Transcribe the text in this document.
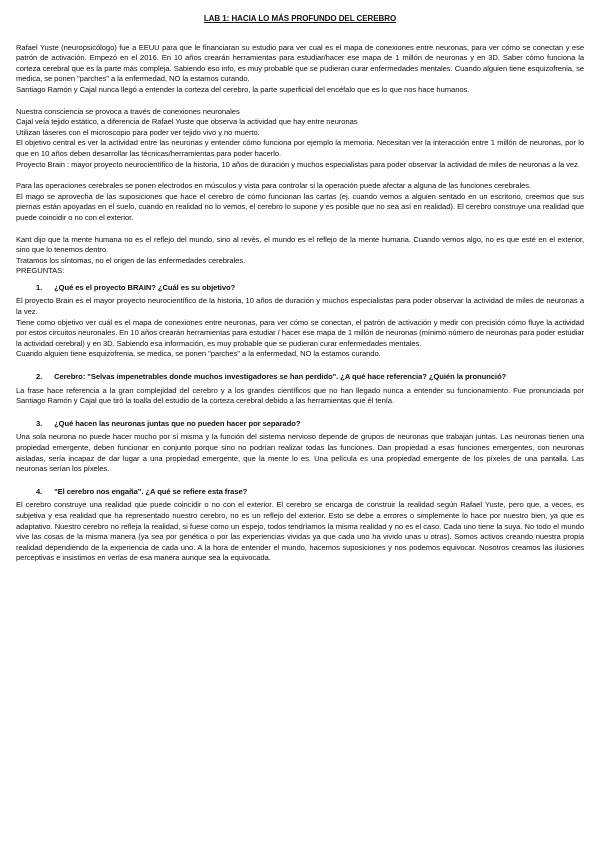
LAB 1: HACIA LO MÁS PROFUNDO DEL CEREBRO

Rafael Yuste (neuropsicólogo) fue a EEUU para que le financiaran su estudio para ver cual es el mapa de conexiones entre neuronas, para ver cómo se conectan y ese patrón de activación. Empezó en el 2016. En 10 años crearán herramientas para estudiar/hacer ese mapa de 1 millón de neuronas y en 3D. Saber cómo funciona la corteza cerebral que es la parte más compleja. Sabiendo eso info, es muy probable que se pudieran curar enfermedades mentales. Cuando alguien tiene esquizofrenia, se medica, se ponen "parches" a la enfermedad, NO la estamos curando.

Santiago Ramón y Cajal nunca llegó a entender la corteza del cerebro, la parte superficial del encéfalo que es lo que nos hace humanos.

Nuestra consciencia se provoca a través de conexiones neuronales

Cajal veía tejido estático, a diferencia de Rafael Yuste que observa la actividad que hay entre neuronas

Utilizan láseres con el microscopio para poder ver tejido vivo y no muerto.

El objetivo central es ver la actividad entre las neuronas y entender cómo funciona por ejemplo la memoria. Necesitan ver la interacción entre 1 millón de neuronas, por lo que en 10 años deben desarrollar las técnicas/herramientas para poder hacerlo.

Proyecto Brain : mayor proyecto neurocientífico de la historia, 10 años de duración y muchos especialistas para poder observar la actividad de miles de neuronas a la vez.

Para las operaciones cerebrales se ponen electrodos en músculos y vista para controlar si la operación puede afectar a alguna de las funciones cerebrales.

El mago se aprovecha de las suposiciones que hace el cerebro de cómo funcionan las cartas (ej. cuando vemos a alguien sentado en un escritorio, creemos que sus piernas están apoyadas en el suelo, cuando en realidad no lo vemos, el cerebro lo supone y es posible que no sea así en realidad). El cerebro construye una realidad que puede coincidir o no con el exterior.

Kant dijo que la mente humana no es el reflejo del mundo, sino al revés, el mundo es el reflejo de la mente humana. Cuando vemos algo, no es que esté en el exterior, sino que lo tenemos dentro.

Tratamos los síntomas, no el origen de las enfermedades cerebrales.

PREGUNTAS:

1. ¿Qué es el proyecto BRAIN? ¿Cuál es su objetivo?

El proyecto Brain es el mayor proyecto neurocientífico de la historia, 10 años de duración y muchos especialistas para poder observar la actividad de miles de neuronas a la vez.

Tiene como objetivo ver cuál es el mapa de conexiones entre neuronas, para ver cómo se conectan, el patrón de activación y medir con precisión cómo fluye la actividad por estos circuitos neuronales. En 10 años crearán herramientas para estudiar / hacer ese mapa de 1 millón de neuronas (mínimo número de neuronas para poder estudiar la actividad cerebral) y en 3D. Sabiendo esa información, es muy probable que se pudieran curar enfermedades mentales.

Cuando alguien tiene esquizofrenia, se medica, se ponen "parches" a la enfermedad, NO la estamos curando.

2. Cerebro: "Selvas impenetrables donde muchos investigadores se han perdido". ¿A qué hace referencia? ¿Quién la pronunció?

La frase hace referencia a la gran complejidad del cerebro y a los grandes científicos que no han llegado nunca a entender su funcionamiento. Fue pronunciada por Santiago Ramón y Cajal que tiró la toalla del estudio de la corteza cerebral debido a las herramientas que él tenía.

3. ¿Qué hacen las neuronas juntas que no pueden hacer por separado?

Una sola neurona no puede hacer mucho por sí misma y la función del sistema nervioso depende de grupos de neuronas que trabajan juntas. Las neuronas tienen una propiedad emergente, deben funcionar en conjunto porque sino no podrían realizar todas las funciones. Dan propiedad a esas funciones emergentes, con neuronas aisladas, sería incapaz de dar lugar a una propiedad emergente, que la mente lo es. Una película es una propiedad emergente de los píxeles de una pantalla. Las neuronas serían los píxeles.

4. "El cerebro nos engaña". ¿A qué se refiere esta frase?

El cerebro construye una realidad que puede coincidir o no con el exterior. El cerebro se encarga de construir la realidad según Rafael Yuste, pero que, a veces, es subjetiva y esa realidad que ha representado nuestro cerebro, no es un reflejo del exterior. Esto se debe a errores o simplemente lo hace por nuestro bien, ya que es adaptativo. Nuestro cerebro no refleja la realidad, si fuese como un espejo, todos tendríamos la misma realidad y no es el caso. Cada uno tiene la suya. No todo el mundo vive las cosas de la misma manera (ya sea por genética o por las experiencias vividas ya que cada uno ha vivido unas u otras). Somos activos creando nuestra propia realidad dependiendo de la experiencia de cada uno. A la hora de entender el mundo, hacemos suposiciones y nos podemos equivocar. Nosotros creamos las ilusiones perceptivas e insistimos en verlas de esa manera aunque sea la equivocada.
